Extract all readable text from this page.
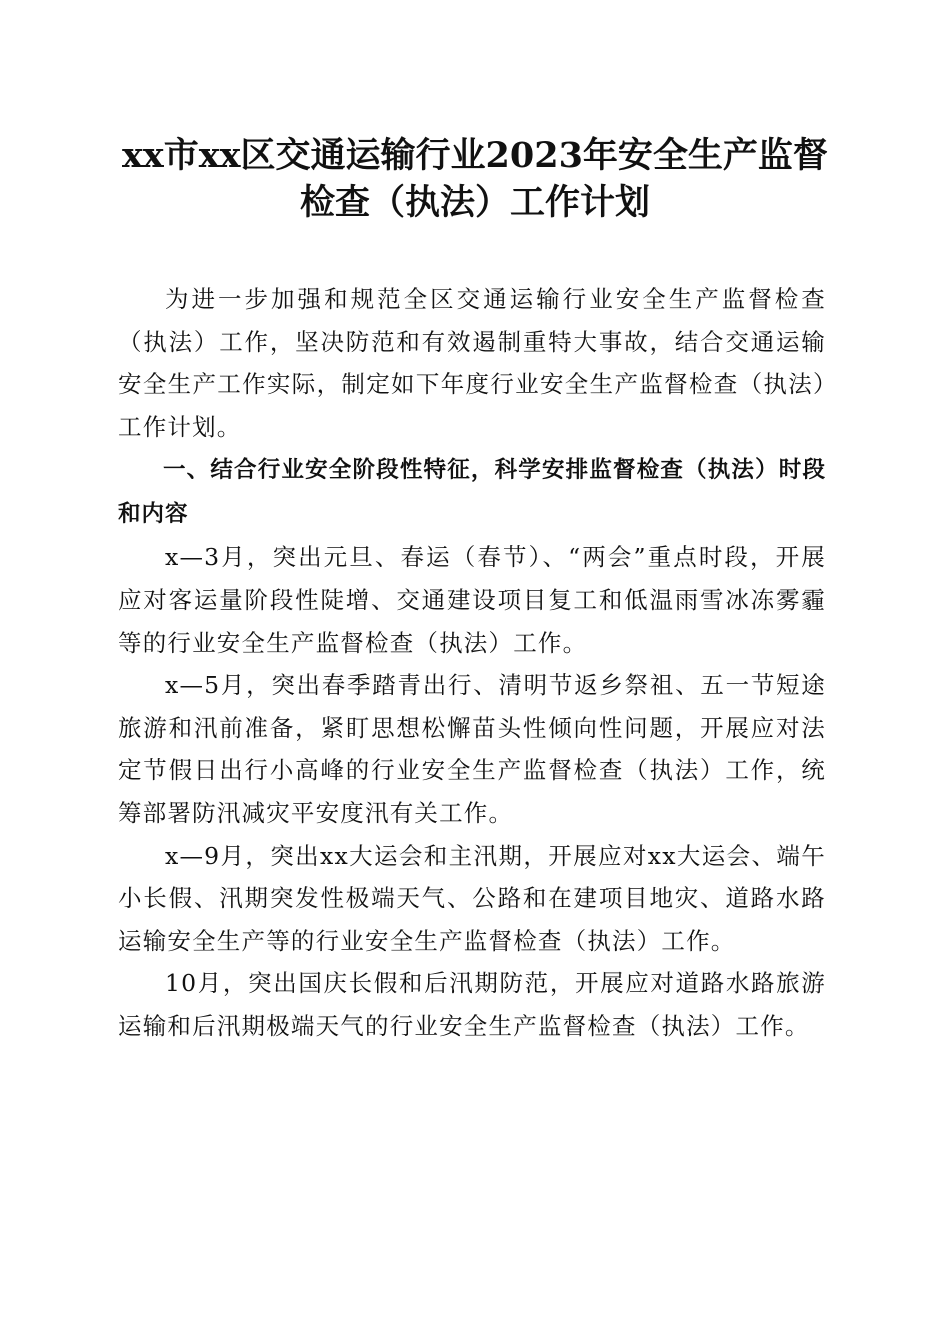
xx市xx区交通运输行业2023年安全生产监督
检查（执法）工作计划

为进一步加强和规范全区交通运输行业安全生产监督检查（执法）工作，坚决防范和有效遏制重特大事故，结合交通运输安全生产工作实际，制定如下年度行业安全生产监督检查（执法）工作计划。

一、结合行业安全阶段性特征，科学安排监督检查（执法）时段和内容

x—3月，突出元旦、春运（春节）、“两会”重点时段，开展应对客运量阶段性陡增、交通建设项目复工和低温雨雪冰冻雾霾等的行业安全生产监督检查（执法）工作。

x—5月，突出春季踏青出行、清明节返乡祭祖、五一节短途旅游和汛前准备，紧盯思想松懈苗头性倾向性问题，开展应对法定节假日出行小高峰的行业安全生产监督检查（执法）工作，统筹部署防汛减灾平安度汛有关工作。

x—9月，突出xx大运会和主汛期，开展应对xx大运会、端午小长假、汛期突发性极端天气、公路和在建项目地灾、道路水路运输安全生产等的行业安全生产监督检查（执法）工作。

10月，突出国庆长假和后汛期防范，开展应对道路水路旅游运输和后汛期极端天气的行业安全生产监督检查（执法）工作。
